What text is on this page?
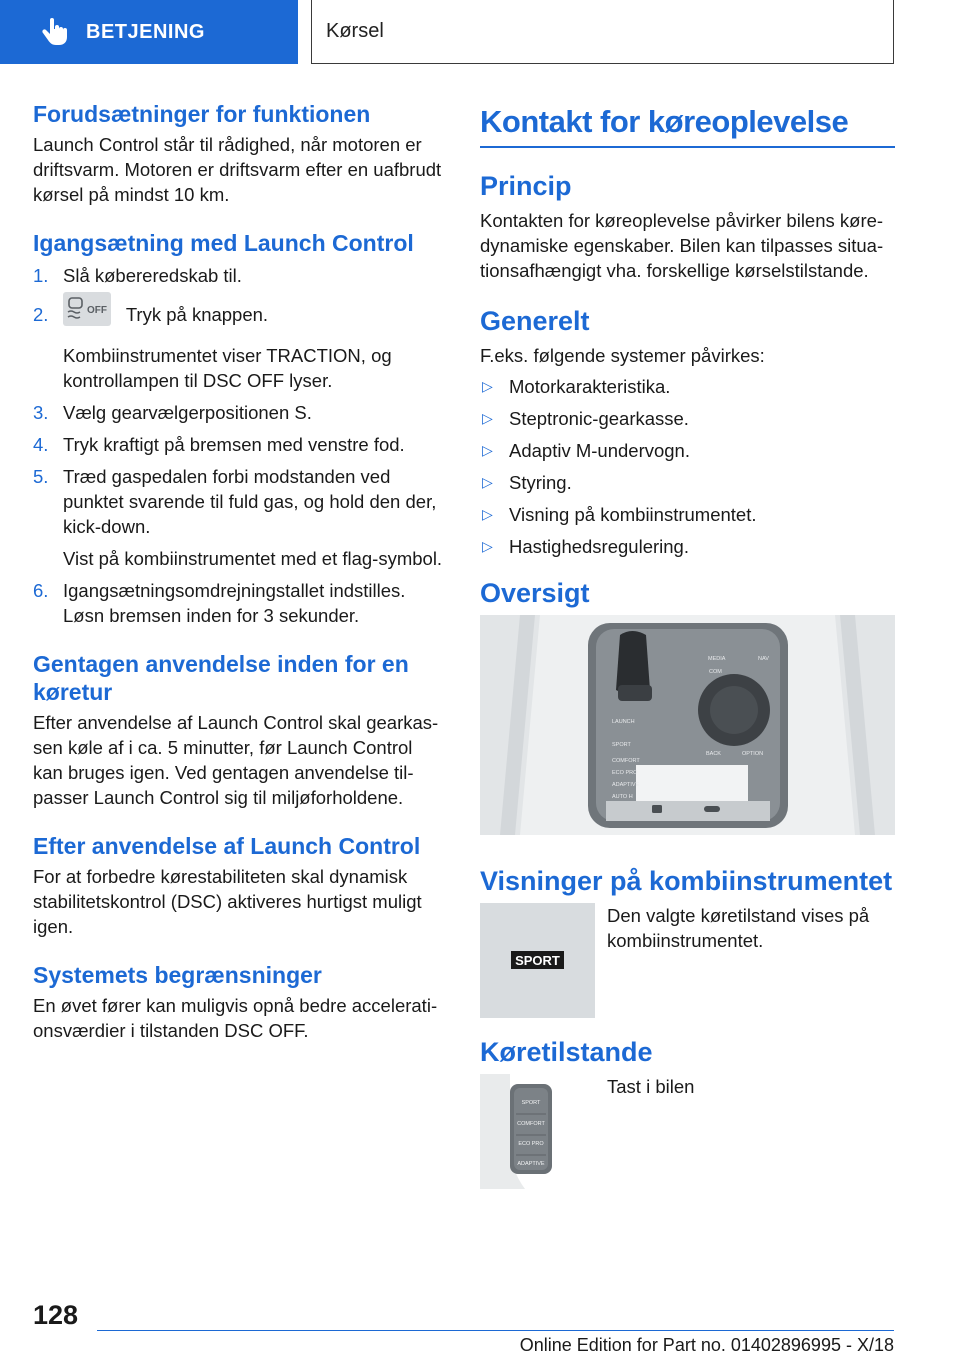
BETJENING	Kørsel
Forudsætninger for funktionen

Launch Control står til rådighed, når motoren er driftsvarm. Motoren er driftsvarm efter en uafbrudt kørsel på mindst 10 km.

Igangsætning med Launch Control
1. Slå købereredskab til.
2.	OFF Tryk på knappen.
Kombiinstrumentet viser TRACTION, og kontrollampen til DSC OFF lyser.
3. Vælg gearvælgerpositionen S.
4. Tryk kraftigt på bremsen med venstre fod.
5. Træd gaspedalen forbi modstanden ved punktet svarende til fuld gas, og hold den der, kick-down.
Vist på kombiinstrumentet med et flag-symbol.
6. Igangsætningsomdrejningstallet indstilles. Løsn bremsen inden for 3 sekunder.
Gentagen anvendelse inden for en køretur

Efter anvendelse af Launch Control skal gearkassen køle af i ca. 5 minutter, før Launch Control kan bruges igen. Ved gentagen anvendelse tilpasser Launch Control sig til miljøforholdene.

Efter anvendelse af Launch Control

For at forbedre kørestabiliteten skal dynamisk stabilitetskontrol (DSC) aktiveres hurtigst muligt igen.

Systemets begrænsninger

En øvet fører kan muligvis opnå bedre accelerationsværdier i tilstanden DSC OFF.

Kontakt for køreoplevelse
Princip

Kontakten for køreoplevelse påvirker bilens køredynamiske egenskaber. Bilen kan tilpasses situationsafhængigt vha. forskellige kørselstilstande.

Generelt

F.eks. følgende systemer påvirkes:

▷ Motorkarakteristika.
▷ Steptronic-gearkasse.
▷ Adaptiv M-undervogn.
▷ Styring.
▷ Visning på kombiinstrumentet.
▷ Hastighedsregulering.
Oversigt
MEDIA
COM
NAV
BACK	OPTION
LAUNCH
SPORT
COMFORT
ECO PRO
ADAPTIVE
AUTO H
Visninger på kombiinstrumentet
SPORT
Den valgte køretilstand vises på kombiinstrumentet.
Køretilstande
SPORT
COMFORT
ECO PRO
ADAPTIVE
Tast i bilen
128
Online Edition for Part no. 01402896995 - X/18
